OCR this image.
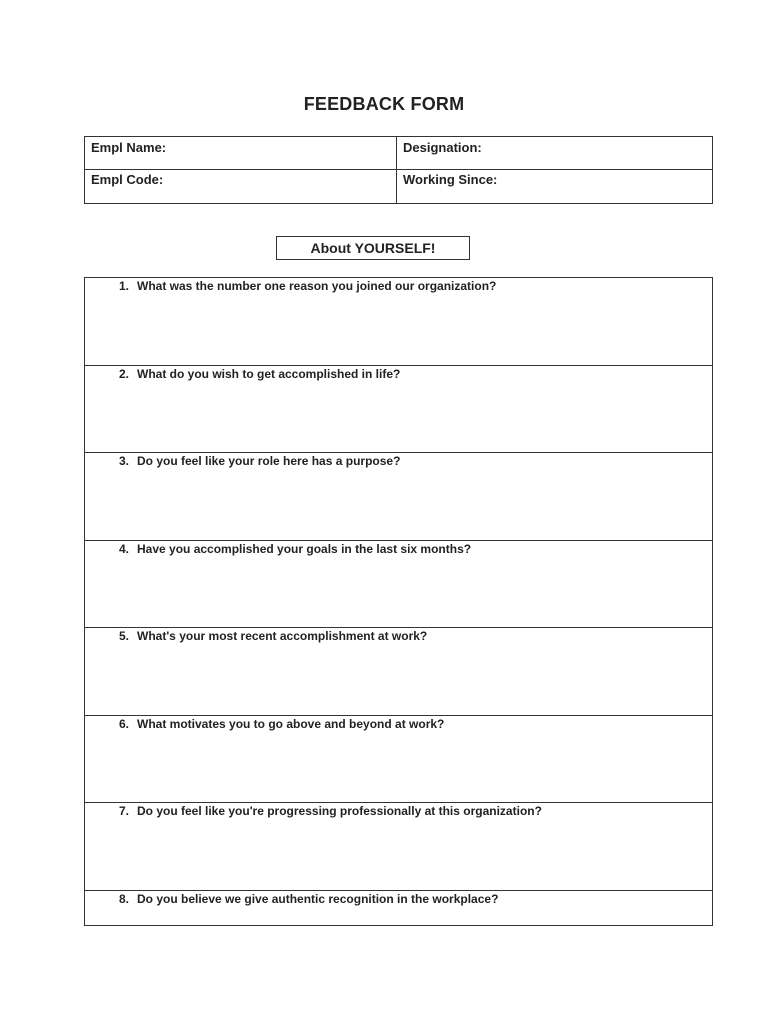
FEEDBACK FORM
Empl Name:	Designation:
Empl Code:	Working Since:
About YOURSELF!
1. What was the number one reason you joined our organization?
2. What do you wish to get accomplished in life?
3. Do you feel like your role here has a purpose?
4. Have you accomplished your goals in the last six months?
5. What's your most recent accomplishment at work?
6. What motivates you to go above and beyond at work?
7. Do you feel like you're progressing professionally at this organization?
8. Do you believe we give authentic recognition in the workplace?
